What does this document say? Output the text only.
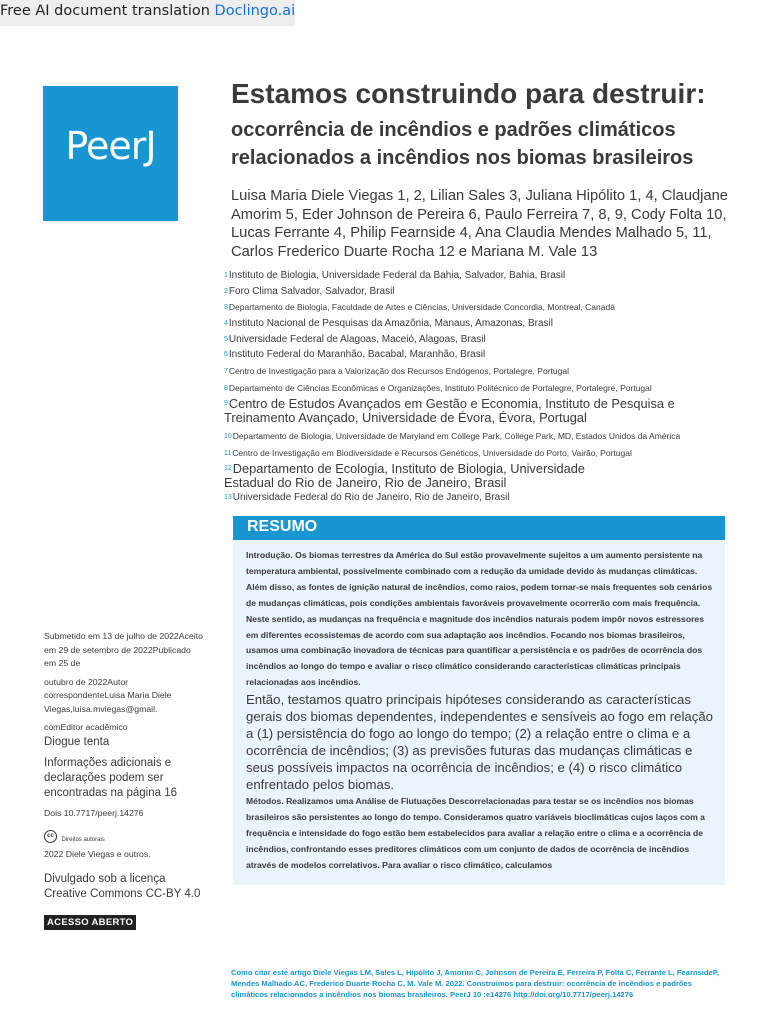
Free AI document translation Doclingo.ai
PeerJ
Estamos construindo para destruir:
occorrência de incêndios e padrões climáticos relacionados a incêndios nos biomas brasileiros
Luisa Maria Diele Viegas 1, 2, Lilian Sales 3, Juliana Hipólito 1, 4, Claudjane Amorim 5, Eder Johnson de Pereira 6, Paulo Ferreira 7, 8, 9, Cody Folta 10, Lucas Ferrante 4, Philip Fearnside 4, Ana Claudia Mendes Malhado 5, 11, Carlos Frederico Duarte Rocha 12 e Mariana M. Vale 13
$^1$Instituto de Biologia, Universidade Federal da Bahia, Salvador, Bahia, Brasil
$^2$Foro Clima Salvador, Salvador, Brasil
$^3$Departamento de Biologia, Faculdade de Artes e Ciências, Universidade Concordia, Montreal, Canadá
$^4$Instituto Nacional de Pesquisas da Amazônia, Manaus, Amazonas, Brasil
$^5$Universidade Federal de Alagoas, Maceió, Alagoas, Brasil
$^6$Instituto Federal do Maranhão, Bacabal, Maranhão, Brasil
$^7$Centro de Investigação para a Valorização dos Recursos Endógenos, Portalegre, Portugal
$^8$Departamento de Ciências Econômicas e Organizações, Instituto Politécnico de Portalegre, Portalegre, Portugal
$^9$Centro de Estudos Avançados em Gestão e Economia, Instituto de Pesquisa e Treinamento Avançado, Universidade de Évora, Évora, Portugal
$^{10}$Departamento de Biologia, Universidade de Maryland em College Park, College Park, MD, Estados Unidos da América
$^{11}$Centro de Investigação em Biodiversidade e Recursos Genéticos, Universidade do Porto, Vairão, Portugal
$^{12}$Departamento de Ecologia, Instituto de Biologia, Universidade Estadual do Rio de Janeiro, Rio de Janeiro, Brasil
$^{13}$Universidade Federal do Rio de Janeiro, Rio de Janeiro, Brasil
RESUMO
Introdução. Os biomas terrestres da América do Sul estão provavelmente sujeitos a um aumento persistente na temperatura ambiental, possivelmente combinado com a redução da umidade devido às mudanças climáticas. Além disso, as fontes de ignição natural de incêndios, como raios, podem tornar-se mais frequentes sob cenários de mudanças climáticas, pois condições ambientais favoráveis provavelmente ocorrerão com mais frequência. Neste sentido, as mudanças na frequência e magnitude dos incêndios naturais podem impôr novos estressores em diferentes ecossistemas de acordo com sua adaptação aos incêndios. Focando nos biomas brasileiros, usamos uma combinação inovadora de técnicas para quantificar a persistência e os padrões de ocorrência dos incêndios ao longo do tempo e avaliar o risco climático considerando características climáticas principais relacionadas aos incêndios.
Então, testamos quatro principais hipóteses considerando as características gerais dos biomas dependentes, independentes e sensíveis ao fogo em relação a (1) persistência do fogo ao longo do tempo; (2) a relação entre o clima e a ocorrência de incêndios; (3) as previsões futuras das mudanças climáticas e seus possíveis impactos na ocorrência de incêndios; e (4) o risco climático enfrentado pelos biomas.
Métodos. Realizamos uma Análise de Flutuações Descorrelacionadas para testar se os incêndios nos biomas brasileiros são persistentes ao longo do tempo. Consideramos quatro variáveis bioclimáticas cujos laços com a frequência e intensidade do fogo estão bem estabelecidos para avaliar a relação entre o clima e a ocorrência de incêndios, confrontando esses preditores climáticos com um conjunto de dados de ocorrência de incêndios através de modelos correlativos. Para avaliar o risco climático, calculamos
Submetido em 13 de julho de 2022Aceito em 29 de setembro de 2022Publicado em 25 de
outubro de 2022Autor correspondenteLuisa Maria Diele Viegas,luisa.mviegas@gmail.
comEditor acadêmico
Diogue tenta
Informações adicionais e declarações podem ser encontradas na página 16
Dois 10.7717/peerj.14276
cc Direitos autorais
2022 Diele Viegas e outros.
Divulgado sob a licença Creative Commons CC-BY 4.0
ACESSO ABERTO
Como citar este artigo Diele Viegas LM, Sales L, Hipólito J, Amorim C, Johnson de Pereira E, Ferreira P, Folta C, Ferrante L, FearnsideP, Mendes Malhado AC, Frederico Duarte Rocha C, M. Vale M. 2022. Construímos para destruir: ocorrência de incêndios e padrões climáticos relacionados a incêndios nos biomas brasileiros. PeerJ 10 :e14276 http://doi.org/10.7717/peerj.14276
